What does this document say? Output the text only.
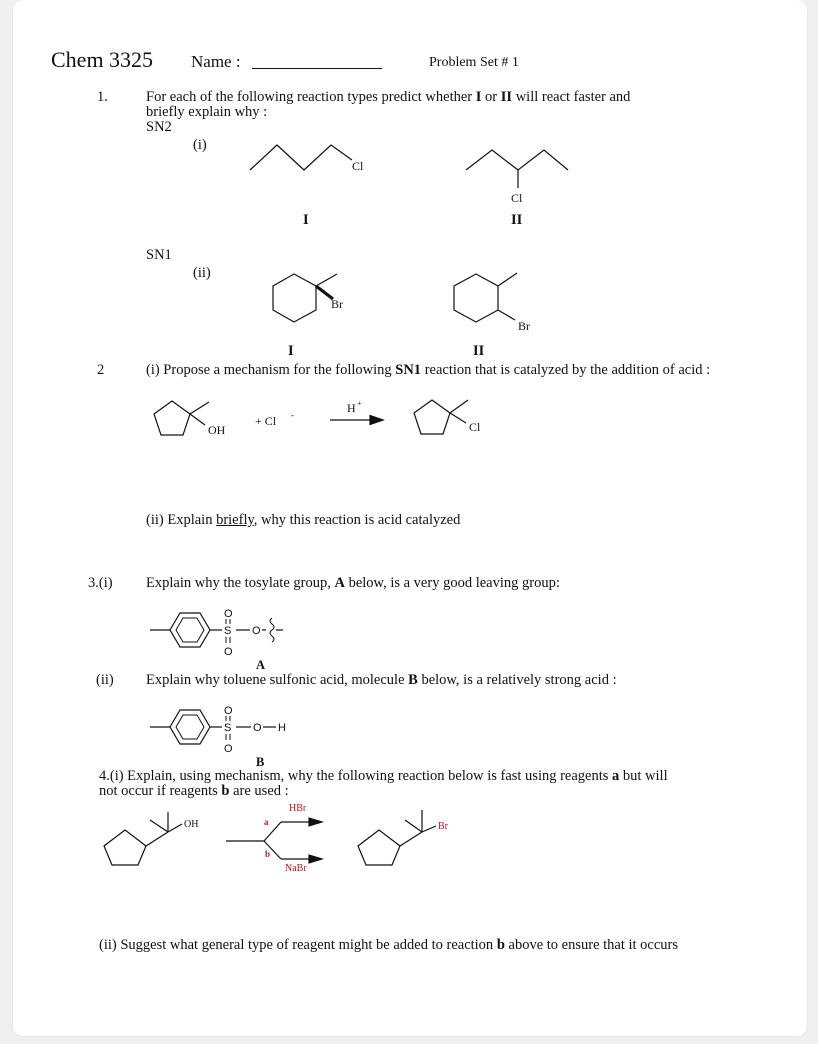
Chem 3325 Name :	Problem Set # 1
1.	For each of the following reaction types predict whether I or II will react faster and
briefly explain why :
SN2
(i)
I	II
SN1
(ii)
I	II
2	(i) Propose a mechanism for the following SN1 reaction that is catalyzed by the addition of acid :
(ii) Explain briefly, why this reaction is acid catalyzed
3.(i) Explain why the tosylate group, A below, is a very good leaving group:
A
(ii) Explain why toluene sulfonic acid, molecule B below, is a relatively strong acid :
B
4.(i) Explain, using mechanism, why the following reaction below is fast using reagents a but will
not occur if reagents b are used :
(ii) Suggest what general type of reagent might be added to reaction b above to ensure that it occurs
Cl
Cl
Br
Br
OH
+ Cl -	H +
Cl
S
O
O
O
S
O
O
O H
OH
HBr
a
b
NaBr
Br
